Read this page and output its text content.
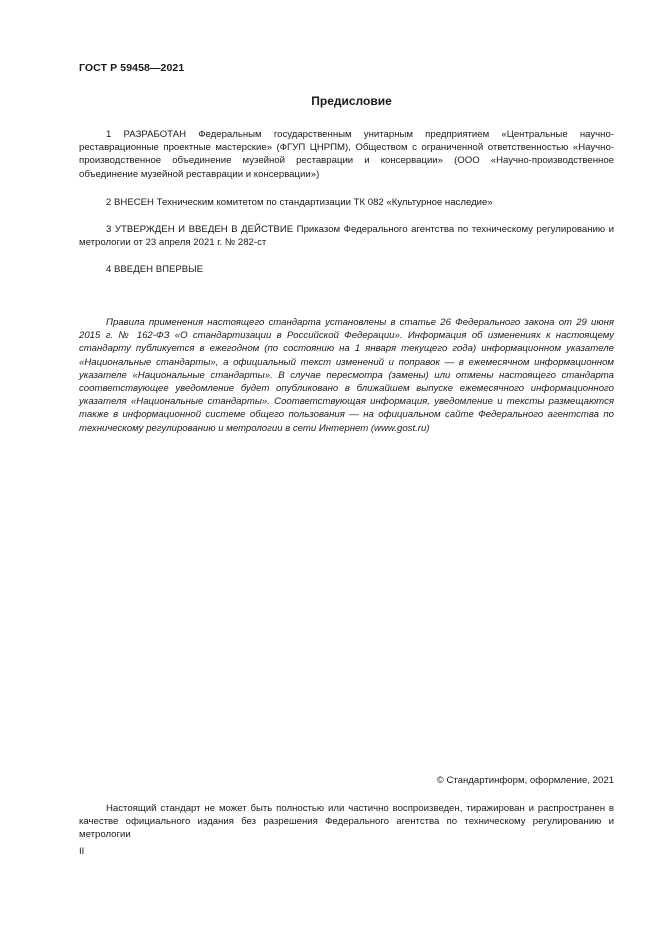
ГОСТ Р 59458—2021
Предисловие
1 РАЗРАБОТАН Федеральным государственным унитарным предприятием «Центральные научно-реставрационные проектные мастерские» (ФГУП ЦНРПМ), Обществом с ограниченной ответственностью «Научно-производственное объединение музейной реставрации и консервации» (ООО «Научно-производственное объединение музейной реставрации и консервации»)
2 ВНЕСЕН Техническим комитетом по стандартизации ТК 082 «Культурное наследие»
3 УТВЕРЖДЕН И ВВЕДЕН В ДЕЙСТВИЕ Приказом Федерального агентства по техническому регулированию и метрологии от 23 апреля 2021 г. № 282-ст
4 ВВЕДЕН ВПЕРВЫЕ
Правила применения настоящего стандарта установлены в статье 26 Федерального закона от 29 июня 2015 г. № 162-ФЗ «О стандартизации в Российской Федерации». Информация об изменениях к настоящему стандарту публикуется в ежегодном (по состоянию на 1 января текущего года) информационном указателе «Национальные стандарты», а официальный текст изменений и поправок — в ежемесячном информационном указателе «Национальные стандарты». В случае пересмотра (замены) или отмены настоящего стандарта соответствующее уведомление будет опубликовано в ближайшем выпуске ежемесячного информационного указателя «Национальные стандарты». Соответствующая информация, уведомление и тексты размещаются также в информационной системе общего пользования — на официальном сайте Федерального агентства по техническому регулированию и метрологии в сети Интернет (www.gost.ru)
© Стандартинформ, оформление, 2021
Настоящий стандарт не может быть полностью или частично воспроизведен, тиражирован и распространен в качестве официального издания без разрешения Федерального агентства по техническому регулированию и метрологии
II
